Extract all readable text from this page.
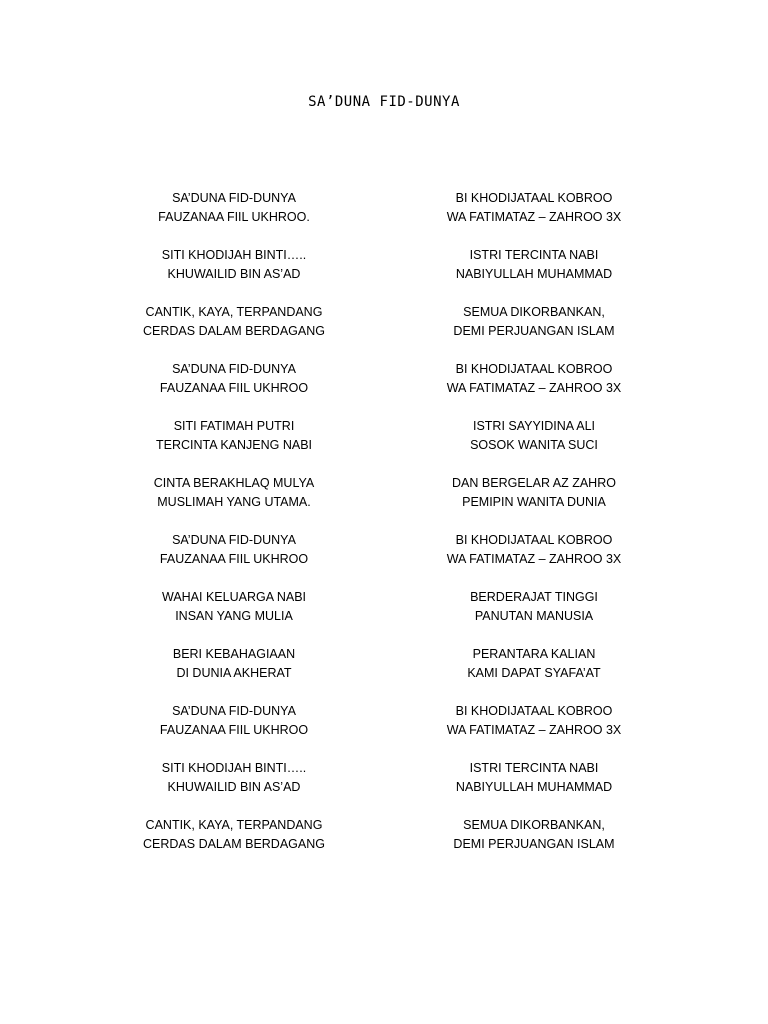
SA’DUNA FID-DUNYA
SA’DUNA FID-DUNYA
FAUZANAA FIIL UKHROO.
SITI KHODIJAH BINTI…..
KHUWAILID BIN AS’AD
CANTIK, KAYA, TERPANDANG
CERDAS DALAM BERDAGANG
SA’DUNA FID-DUNYA
FAUZANAA FIIL UKHROO
SITI FATIMAH PUTRI
TERCINTA KANJENG NABI
CINTA BERAKHLAQ MULYA
MUSLIMAH YANG UTAMA.
SA’DUNA FID-DUNYA
FAUZANAA FIIL UKHROO
WAHAI KELUARGA NABI
INSAN YANG MULIA
BERI KEBAHAGIAAN
DI DUNIA AKHERAT
SA’DUNA FID-DUNYA
FAUZANAA FIIL UKHROO
SITI KHODIJAH BINTI…..
KHUWAILID BIN AS’AD
CANTIK, KAYA, TERPANDANG
CERDAS DALAM BERDAGANG
BI KHODIJATAAL KOBROO
WA FATIMATAZ – ZAHROO 3X
ISTRI TERCINTA NABI
NABIYULLAH MUHAMMAD
SEMUA DIKORBANKAN,
DEMI PERJUANGAN ISLAM
BI KHODIJATAAL KOBROO
WA FATIMATAZ – ZAHROO 3X
ISTRI SAYYIDINA ALI
SOSOK WANITA SUCI
DAN BERGELAR AZ ZAHRO
PEMIPIN WANITA DUNIA
BI KHODIJATAAL KOBROO
WA FATIMATAZ – ZAHROO 3X
BERDERAJAT TINGGI
PANUTAN MANUSIA
PERANTARA KALIAN
KAMI DAPAT SYAFA’AT
BI KHODIJATAAL KOBROO
WA FATIMATAZ – ZAHROO 3X
ISTRI TERCINTA NABI
NABIYULLAH MUHAMMAD
SEMUA DIKORBANKAN,
DEMI PERJUANGAN ISLAM
